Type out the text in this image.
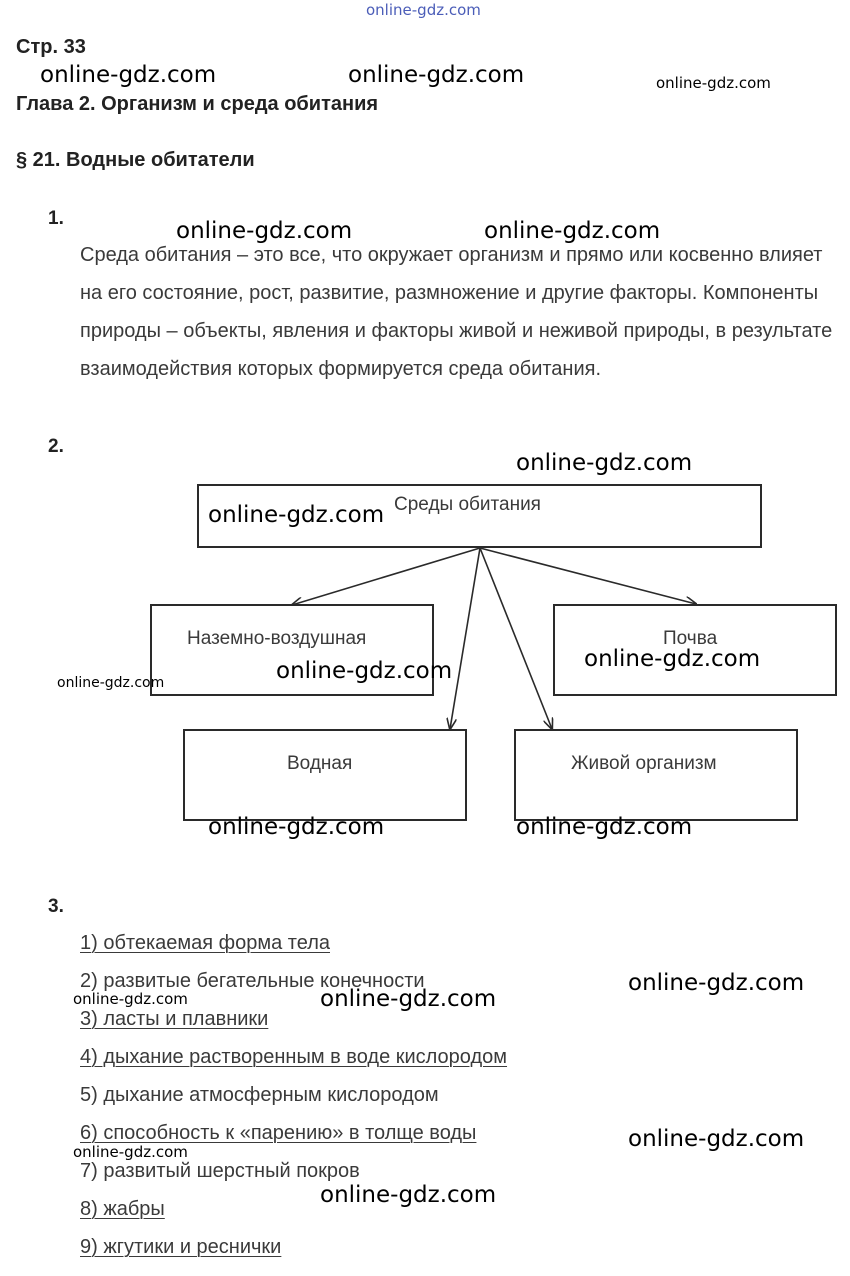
online-gdz.com
Стр. 33
Глава 2. Организм и среда обитания
§ 21. Водные обитатели
1.
Среда обитания – это все, что окружает организм и прямо или косвенно влияет на его состояние, рост, развитие, размножение и другие факторы. Компоненты природы – объекты, явления и факторы живой и неживой природы, в результате взаимодействия которых формируется среда обитания.
2.
Среды обитания
Наземно-воздушная	Почва
Водная	Живой организм
3.
1) обтекаемая форма тела
2) развитые бегательные конечности
3) ласты и плавники
4) дыхание растворенным в воде кислородом
5) дыхание атмосферным кислородом
6) способность к «парению» в толще воды
7) развитый шерстный покров
8) жабры
9) жгутики и реснички
online-gdz.com	online-gdz.com	online-gdz.com
online-gdz.com	online-gdz.com
online-gdz.com
online-gdz.com
online-gdz.com
online-gdz.com
online-gdz.com
online-gdz.com	online-gdz.com
online-gdz.com
online-gdz.com
online-gdz.com
online-gdz.com
online-gdz.com
online-gdz.com
